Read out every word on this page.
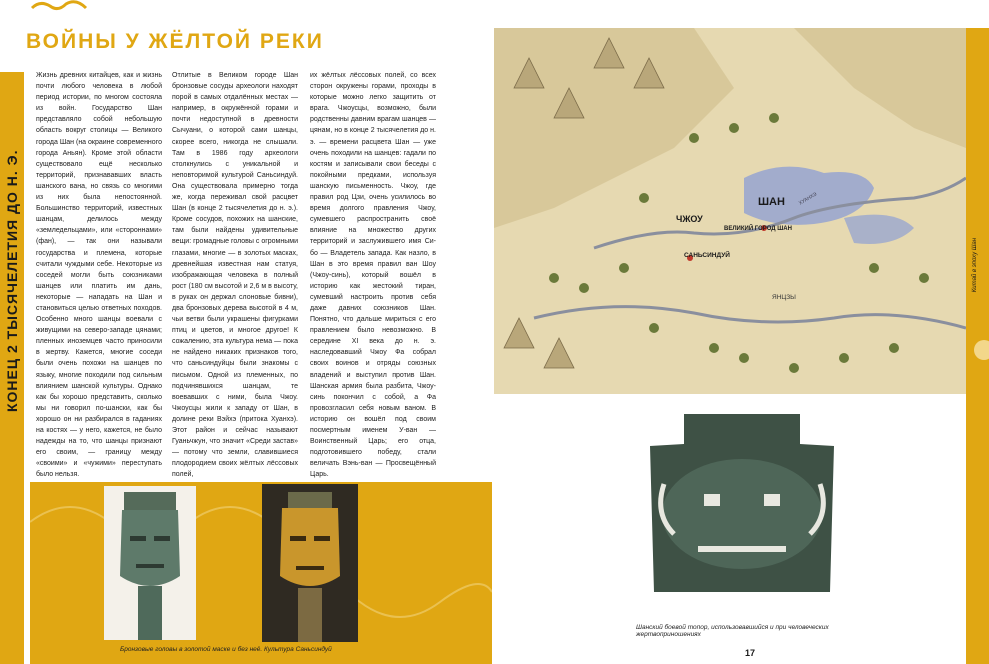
ВОЙНЫ У ЖЁЛТОЙ РЕКИ
КОНЕЦ 2 ТЫСЯЧЕЛЕТИЯ ДО Н. Э.
Жизнь древних китайцев, как и жизнь почти любого человека в любой период истории, по многом состояла из войн. Государство Шан представляло собой небольшую область вокруг столицы — Великого города Шан (на окраине современного города Аньян). Кроме этой области существовало ещё несколько территорий, признававших власть шанского вана, но связь со многими из них была непостоянной. Большинство территорий, известных шанцам, делилось между «земледельцами», или «стороннами» (фан), — так они называли государства и племена, которые считали чуждыми себе. Некоторые из соседей могли быть союзниками шанцев или платить им дань, некоторые — нападать на Шан и становиться целью ответных походов. Особенно много шанцы воевали с живущими на северо-западе цянами; пленных иноземцев часто приносили в жертву. Кажется, многие соседи были очень похожи на шанцев по языку, многие походили под сильным влиянием шанской культуры. Однако как бы хорошо представить, сколько мы ни говорил по-шански, как бы хорошо он ни разбирался в гаданиях на костях — у него, кажется, не было надежды на то, что шанцы признают его своим, — границу между «своими» и «чужими» переступать было нельзя.
Отлитые в Великом городе Шан бронзовые сосуды археологи находят порой в самых отдалённых местах — например, в окружённой горами и почти недоступной в древности Сычуани, о которой сами шанцы, скорее всего, никогда не слышали. Там в 1986 году археологи столкнулись с уникальной и неповторимой культурой Саньсиндуй. Она существовала примерно тогда же, когда переживал свой расцвет Шан (в конце 2 тысячелетия до н. э.). Кроме сосудов, похожих на шанские, там были найдены удивительные вещи: громадные головы с огромными глазами, многие — в золотых масках, древнейшая известная нам статуя, изображающая человека в полный рост (180 см высотой и 2,6 м в высоту, в руках он держал слоновые бивни), два бронзовых дерева высотой в 4 м, чьи ветви были украшены фигурками птиц и цветов, и многое другое! К сожалению, эта культура нема — пока не найдено никаких признаков того, что саньсиндуйцы были знакомы с письмом. Одной из племенных, по подчинявшихся шанцам, те воевавших с ними, была Чжоу. Чжоусцы жили к западу от Шан, в долине реки Вэйхэ (притока Хуанхэ). Этот район и сейчас называют Гуаньчжун, что значит «Среди застав» — потому что земли, славившиеся плодородием своих жёлтых лёссовых полей,
их жёлтых лёссовых полей, со всех сторон окружены горами, проходы в которые можно легко защитить от врага. Чжоусцы, возможно, были родственны давним врагам шанцев — цянам, но в конце 2 тысячелетия до н. э. — времени расцвета Шан — уже очень походили на шанцев: гадали по костям и записывали свои беседы с покойными предками, используя шанскую письменность. Чжоу, где правил род Цзи, очень усилилось во время долгого правления Чжоу, сумевшего распространить своё влияние на множество других территорий и заслужившего имя Си-бо — Владетель запада. Как назло, в Шан в это время правил ван Шоу (Чжоу-синь), который вошёл в историю как жестокий тиран, сумевший настроить против себя даже давних союзников Шан. Понятно, что дальше мириться с его правлением было невозможно. В середине XI века до н. э. наследовавший Чжоу Фа собрал своих воинов и отряды союзных владений и выступил против Шан. Шанская армия была разбита, Чжоу-синь покончил с собой, а Фа провозгласил себя новым ваном. В историю он вошёл под своим посмертным именем У-ван — Воинственный Царь; его отца, подготовившего победу, стали величать Вэнь-ван — Просвещённый Царь.
Бронзовые головы в золотой маске и без неё. Культура Саньсиндуй
ЧЖОУ
ШАН
ВЕЛИКИЙ ГОРОД ШАН
САНЬСИНДУЙ
ЯНЦЗЫ
ХУАНХЭ
Китай в эпоху Шан
Шанский боевой топор, использовавшийся и при человеческих жертвоприношениях
17
